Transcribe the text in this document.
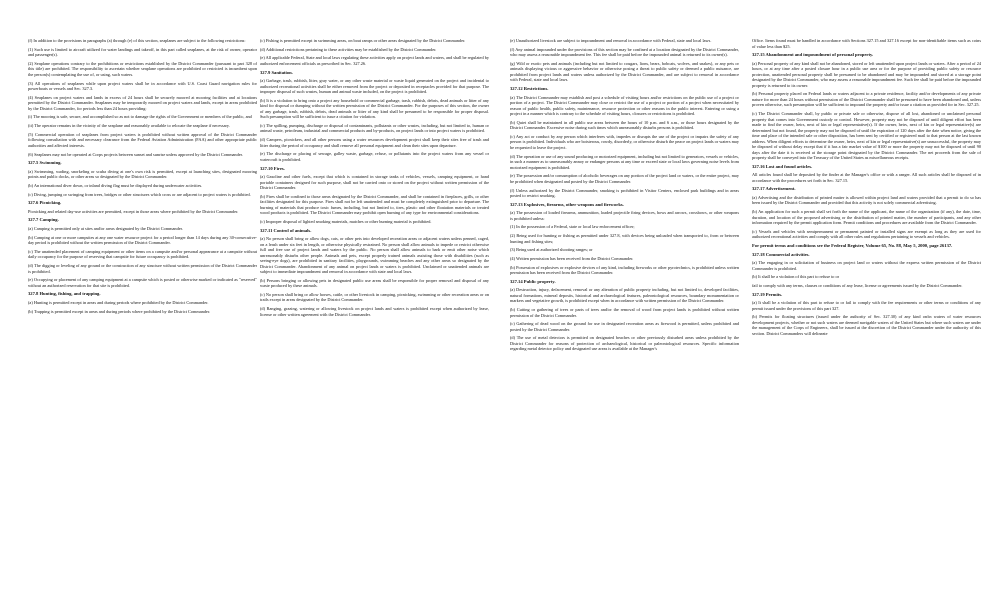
(f) In addition to the provisions in paragraphs (a) through (e) of this section, seaplanes are subject to the following restrictions:

(1) Such use is limited to aircraft utilized for water landings and takeoff, in this part called seaplanes, at the risk of owner, operator and passenger(s).

(2) Seaplane operations contrary to the prohibitions or restrictions established by the District Commander (pursuant to part 328 of this title) are prohibited. The responsibility to ascertain whether seaplane operations are prohibited or restricted is incumbent upon the person(s) contemplating the use of, or using, such waters.

(3) All operations of seaplanes while upon project waters shall be in accordance with U.S. Coast Guard navigation rules for powerboats or vessels and Sec. 327.3.

(4) Seaplanes on project waters and lands in excess of 24 hours shall be securely moored at mooring facilities and at locations permitted by the District Commander. Seaplanes may be temporarily moored on project waters and lands, except in areas prohibited by the District Commander, for periods less than 24 hours providing:

(i) The mooring is safe, secure, and accomplished so as not to damage the rights of the Government or members of the public, and

(ii) The operator remains in the vicinity of the seaplane and reasonably available to relocate the seaplane if necessary.

(5) Commercial operation of seaplanes from project waters is prohibited without written approval of the District Commander following consultation with and necessary clearance from the Federal Aviation Administration (FAA) and other appropriate public authorities and affected interests.

(6) Seaplanes may not be operated at Corps projects between sunset and sunrise unless approved by the District Commander.

327.5 Swimming.

(a) Swimming, wading, snorkeling or scuba diving at one's own risk is permitted, except at launching sites, designated mooring points and public docks, or other areas so designated by the District Commander.

(b) An international diver down, or inland diving flag must be displayed during underwater activities.

(c) Diving, jumping or swinging from trees, bridges or other structures which cross or are adjacent to project waters is prohibited.

327.6 Picnicking.

Picnicking and related day-use activities are permitted, except in those areas where prohibited by the District Commander.

327.7 Camping.

(a) Camping is permitted only at sites and/or areas designated by the District Commander.

(b) Camping at one or more campsites at any one water resource project for a period longer than 14 days during any 30-consecutive-day period is prohibited without the written permission of the District Commander.

(c) The unattended placement of camping equipment or other items on a campsite and/or personal appearance at a campsite without daily occupancy for the purpose of reserving that campsite for future occupancy is prohibited.

(d) The digging or leveling of any ground or the construction of any structure without written permission of the District Commander is prohibited.

(e) Occupying or placement of any camping equipment at a campsite which is posted or otherwise marked or indicated as "reserved" without an authorized reservation for that site is prohibited.

327.8 Hunting, fishing, and trapping.

(a) Hunting is permitted except in areas and during periods where prohibited by the District Commander.

(b) Trapping is permitted except in areas and during periods where prohibited by the District Commander.

(c) Fishing is permitted except in swimming areas, on boat ramps or other areas designated by the District Commander.

(d) Additional restrictions pertaining to these activities may be established by the District Commander.

(e) All applicable Federal, State and local laws regulating these activities apply on project lands and waters, and shall be regulated by authorized enforcement officials as prescribed in Sec. 327.26.

327.9 Sanitation.

(a) Garbage, trash, rubbish, litter, gray water, or any other waste material or waste liquid generated on the project and incidental to authorized recreational activities shall be either removed from the project or deposited in receptacles provided for that purpose. The improper disposal of such wastes, human and animal waste included, on the project is prohibited.

(b) It is a violation to bring onto a project any household or commercial garbage, trash, rubbish, debris, dead animals or litter of any kind for disposal or dumping without the written permission of the District Commander. For the purposes of this section, the owner of any garbage, trash, rubbish, debris, dead animals or litter of any kind shall be presumed to be responsible for proper disposal. Such presumption will be sufficient to issue a citation for violation.

(c) The spilling, pumping, discharge or disposal of contaminants, pollutants or other wastes, including, but not limited to, human or animal waste, petroleum, industrial and commercial products and by-products, on project lands or into project waters is prohibited.

(d) Campers, picnickers, and all other persons using a water resources development project shall keep their sites free of trash and litter during the period of occupancy and shall remove all personal equipment and clean their sites upon departure.

(e) The discharge or placing of sewage, galley waste, garbage, refuse, or pollutants into the project waters from any vessel or watercraft is prohibited.

327.10 Fires.

(a) Gasoline and other fuels, except that which is contained in storage tanks of vehicles, vessels, camping equipment, or hand portable containers designed for such purpose, shall not be carried onto or stored on the project without written permission of the District Commander.

(b) Fires shall be confined to those areas designated by the District Commander, and shall be contained in fireplaces, grills, or other facilities designated for this purpose. Fires shall not be left unattended and must be completely extinguished prior to departure. The burning of materials that produce toxic fumes, including, but not limited to, tires, plastic and other floatation materials or treated wood products is prohibited. The District Commander may prohibit open burning of any type for environmental considerations.

(c) Improper disposal of lighted smoking materials, matches or other burning material is prohibited.

327.11 Control of animals.

(a) No person shall bring or allow dogs, cats, or other pets into developed recreation areas or adjacent waters unless penned, caged, on a leash under six feet in length, or otherwise physically restrained. No person shall allow animals to impede or restrict otherwise full and free use of project lands and waters by the public. No person shall allow animals to bark or emit other noise which unreasonably disturbs other people. Animals and pets, except properly trained animals assisting those with disabilities (such as seeing-eye dogs), are prohibited in sanitary facilities, playgrounds, swimming beaches and any other areas so designated by the District Commander. Abandonment of any animal on project lands or waters is prohibited. Unclaimed or unattended animals are subject to immediate impoundment and removal in accordance with state and local laws.

(b) Persons bringing or allowing pets in designated public use areas shall be responsible for proper removal and disposal of any waste produced by these animals.

(c) No person shall bring or allow horses, cattle, or other livestock in camping, picnicking, swimming or other recreation areas or on trails except in areas designated by the District Commander.

(d) Ranging, grazing, watering or allowing livestock on project lands and waters is prohibited except when authorized by lease, license or other written agreement with the District Commander.

(e) Unauthorized livestock are subject to impoundment and removal in accordance with Federal, state and local laws.

(f) Any animal impounded under the provisions of this section may be confined at a location designated by the District Commander, who may assess a reasonable impoundment fee. This fee shall be paid before the impounded animal is returned to its owner(s).

(g) Wild or exotic pets and animals (including but not limited to cougars, lions, bears, bobcats, wolves, and snakes), or any pets or animals displaying vicious or aggressive behavior or otherwise posing a threat to public safety or deemed a public nuisance, are prohibited from project lands and waters unless authorized by the District Commander, and are subject to removal in accordance with Federal, state and local laws.

327.12 Restrictions.

(a) The District Commander may establish and post a schedule of visiting hours and/or restrictions on the public use of a project or portion of a project. The District Commander may close or restrict the use of a project or portion of a project when necessitated by reason of public health, public safety, maintenance, resource protection or other reasons in the public interest. Entering or using a project in a manner which is contrary to the schedule of visiting hours, closures or restrictions is prohibited.

(b) Quiet shall be maintained in all public use areas between the hours of 10 p.m. and 6 a.m., or those hours designated by the District Commander. Excessive noise during such times which unreasonably disturbs persons is prohibited.

(c) Any act or conduct by any person which interferes with, impedes or disrupts the use of the project or impairs the safety of any person is prohibited. Individuals who are boisterous, rowdy, disorderly, or otherwise disturb the peace on project lands or waters may be requested to leave the project.

(d) The operation or use of any sound producing or motorized equipment, including but not limited to generators, vessels or vehicles, in such a manner as to unreasonably annoy or endanger persons at any time or exceed state or local laws governing noise levels from motorized equipment is prohibited.

(e) The possession and/or consumption of alcoholic beverages on any portion of the project land or waters, or the entire project, may be prohibited when designated and posted by the District Commander.

(f) Unless authorized by the District Commander, smoking is prohibited in Visitor Centers, enclosed park buildings and in areas posted to restrict smoking.

327.13 Explosives, firearms, other weapons and fireworks.

(a) The possession of loaded firearms, ammunition, loaded projectile firing devices, bows and arrows, crossbows, or other weapons is prohibited unless:

(1) In the possession of a Federal, state or local law enforcement officer;

(2) Being used for hunting or fishing as permitted under 327.8, with devices being unloaded when transported to, from or between hunting and fishing sites;

(3) Being used at authorized shooting ranges; or

(4) Written permission has been received from the District Commander.

(b) Possession of explosives or explosive devices of any kind, including fireworks or other pyrotechnics, is prohibited unless written permission has been received from the District Commander.

327.14 Public property.

(a) Destruction, injury, defacement, removal or any alteration of public property including, but not limited to, developed facilities, natural formations, mineral deposits, historical and archaeological features, paleontological resources, boundary monumentation or markers and vegetative growth, is prohibited except when in accordance with written permission of the District Commander.

(b) Cutting or gathering of trees or parts of trees and/or the removal of wood from project lands is prohibited without written permission of the District Commander.

(c) Gathering of dead wood on the ground for use in designated recreation areas as firewood is permitted, unless prohibited and posted by the District Commander.

(d) The use of metal detectors is permitted on designated beaches or other previously disturbed areas unless prohibited by the District Commander for reasons of protection of archaeological, historical or paleontological resources. Specific information regarding metal detector policy and designated use areas is available at the Manager's

Office. Items found must be handled in accordance with Sections 327.15 and 327.16 except for non-identifiable items such as coins of value less than $25.

327.15 Abandonment and impoundment of personal property.

(a) Personal property of any kind shall not be abandoned, stored or left unattended upon project lands or waters. After a period of 24 hours, or at any time after a posted closure hour in a public use area or for the purpose of providing public safety or resource protection, unattended personal property shall be presumed to be abandoned and may be impounded and stored at a storage point designated by the District Commander, who may assess a reasonable impoundment fee. Such fee shall be paid before the impounded property is returned to its owner.

(b) Personal property placed on Federal lands or waters adjacent to a private residence, facility and/or developments of any private nature for more than 24 hours without permission of the District Commander shall be presumed to have been abandoned and, unless proven otherwise, such presumption will be sufficient to impound the property and/or issue a citation as provided for in Sec. 327.25.

(c) The District Commander shall, by public or private sale or otherwise, dispose of all lost, abandoned or unclaimed personal property that comes into Government custody or control. However, property may not be disposed of until diligent effort has been made to find the owner, heirs, next of kin or legal representative(s). If the owner, heirs, next of kin or legal representative(s) are determined but not found, the property may not be disposed of until the expiration of 120 days after the date when notice, giving the time and place of the intended sale or other disposition, has been sent by certified or registered mail to that person at the last known address. When diligent efforts to determine the owner, heirs, next of kin or legal representative(s) are unsuccessful, the property may be disposed of without delay except that if it has a fair market value of $100 or more the property may not be disposed of until 90 days after the date it is received at the storage point designated by the District Commander. The net proceeds from the sale of property shall be conveyed into the Treasury of the United States as miscellaneous receipts.

327.16 Lost and found articles.

All articles found shall be deposited by the finder at the Manager's office or with a ranger. All such articles shall be disposed of in accordance with the procedures set forth in Sec. 327.15.

327.17 Advertisement.

(a) Advertising and the distribution of printed matter is allowed within project land and waters provided that a permit to do so has been issued by the District Commander and provided that this activity is not solely commercial advertising.

(b) An application for such a permit shall set forth the name of the applicant, the name of the organization (if any), the date, time, duration, and location of the proposed advertising or the distribution of printed matter, the number of participants, and any other information required by the permit application form. Permit conditions and procedures are available from the District Commander.

(c) Vessels and vehicles with semipermanent or permanent painted or installed signs are exempt as long as they are used for authorized recreational activities and comply with all other rules and regulations pertaining to vessels and vehicles.

For permit terms and conditions see the Federal Register, Volume 65, No. 88, May 5, 2000, page 26137.
327.18 Commercial activities.

(a) The engaging in or solicitation of business on project land or waters without the express written permission of the District Commander is prohibited.

(b) It shall be a violation of this part to refuse to or

fail to comply with any terms, clauses or conditions of any lease, license or agreements issued by the District Commander.

327.19 Permits.

(a) It shall be a violation of this part to refuse to or fail to comply with the fee requirements or other terms or conditions of any permit issued under the provisions of this part 327.

(b) Permits for floating structures (issued under the authority of Sec. 327.30) of any kind on/in waters of water resources development projects, whether or not such waters are deemed navigable waters of the United States but where such waters are under the management of the Corps of Engineers, shall be issued at the discretion of the District Commander under the authority of this section. District Commanders will delineate
